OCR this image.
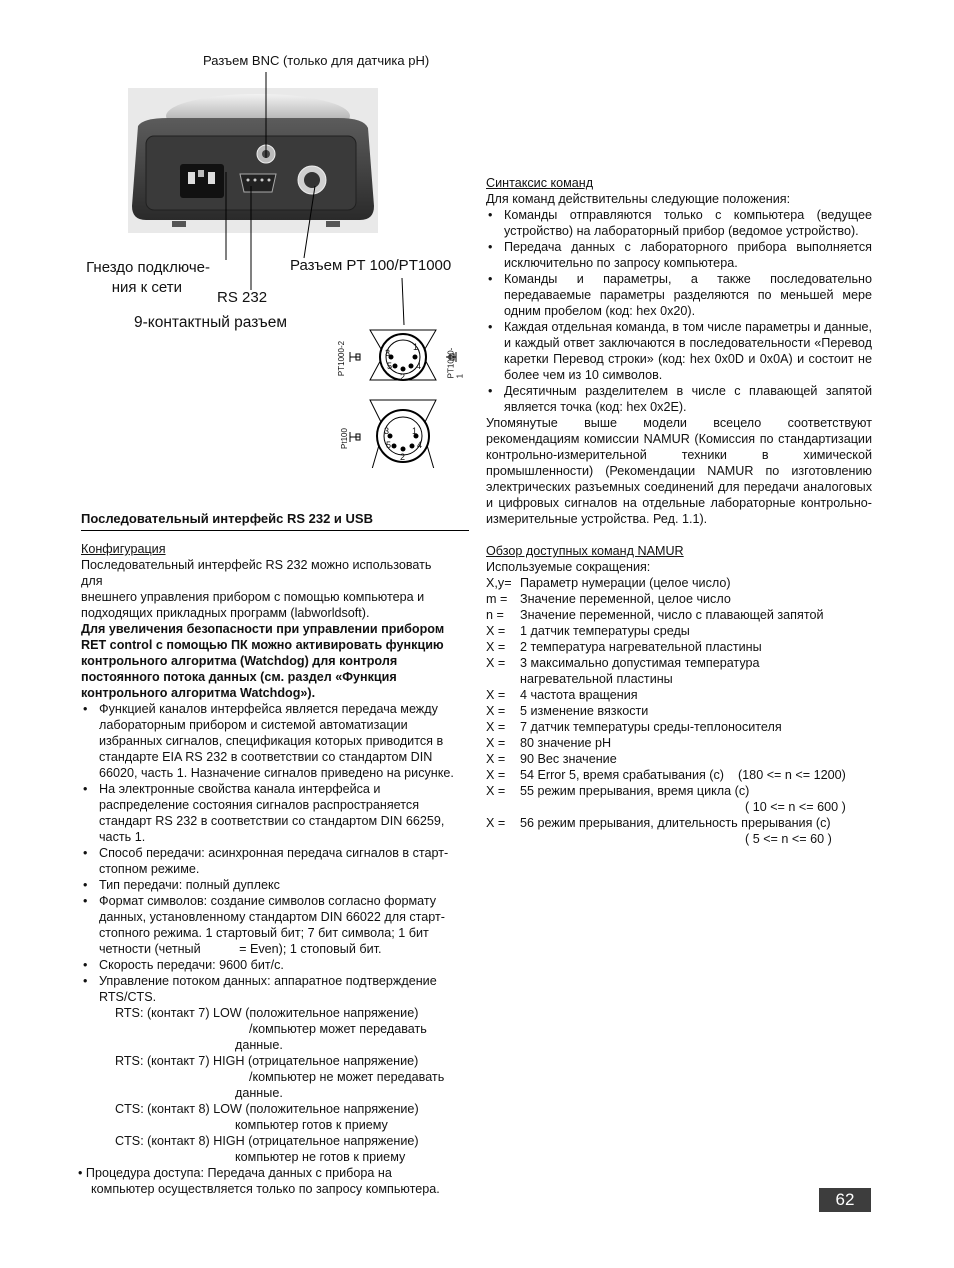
Разъем BNC (только для датчика pH)
Гнездо подключе-
ния к сети
Разъем PT 100/PT1000
RS 232
9-контактный разъем
3
1
5	4
2
PT1000-2	PT1000-1
3	1
5	4
2
Pt100
Последовательный интерфейс RS 232 и USB
Конфигурация
Последовательный интерфейс RS 232 можно использовать
для
внешнего управления прибором с помощью компьютера и подходящих прикладных программ (labworldsoft).
Для увеличения безопасности при управлении прибором RET control с помощью ПК можно активировать функцию контрольного алгоритма (Watchdog) для контроля постоянного потока данных (см. раздел «Функция контрольного алгоритма Watchdog»).
• Функцией каналов интерфейса является передача между лабораторным прибором и системой автоматизации избранных сигналов, спецификация которых приводится в стандарте EIA RS 232 в соответствии со стандартом DIN 66020, часть 1. Назначение сигналов приведено на рисунке.
• На электронные свойства канала интерфейса и распределение состояния сигналов распространяется стандарт RS 232 в соответствии со стандартом DIN 66259, часть 1.
• Способ передачи: асинхронная передача сигналов в старт-стопном режиме.
• Тип передачи: полный дуплекс
• Формат символов: создание символов согласно формату данных, установленному стандартом DIN 66022 для старт-стопного режима. 1 стартовый бит; 7 бит символа; 1 бит четности (четный           = Even); 1 стоповый бит.
• Скорость передачи: 9600 бит/с.
• Управление потоком данных: аппаратное подтверждение RTS/CTS.
RTS: (контакт 7) LOW (положительное напряжение)
/компьютер может передавать
данные.
RTS: (контакт 7) HIGH (отрицательное напряжение)
/компьютер не может передавать
данные.
CTS: (контакт 8) LOW (положительное напряжение)
компьютер готов к приему
CTS: (контакт 8) HIGH (отрицательное напряжение)
компьютер не готов к приему
• Процедура доступа: Передача данных с прибора на
компьютер осуществляется только по запросу компьютера.
Синтаксис команд
Для команд действительны следующие положения:
• Команды отправляются только с компьютера (ведущее устройство) на лабораторный прибор (ведомое устройство).
• Передача данных с лабораторного прибора выполняется исключительно по запросу компьютера.
• Команды и параметры, а также последовательно передаваемые параметры разделяются по меньшей мере одним пробелом (код: hex 0x20).
• Каждая отдельная команда, в том числе параметры и данные, и каждый ответ заключаются в последовательности «Перевод каретки Перевод строки» (код: hex 0x0D и 0x0A) и состоит не более чем из 10 символов.
• Десятичным разделителем в числе с плавающей запятой является точка (код: hex 0x2E).
Упомянутые выше модели всецело соответствуют рекомендациям комиссии NAMUR (Комиссия по стандартизации контрольно-измерительной техники в химической промышленности) (Рекомендации NAMUR по изготовлению электрических разъемных соединений для передачи аналоговых и цифровых сигналов на отдельные лабораторные контрольно-измерительные устройства. Ред. 1.1).
Обзор доступных команд NAMUR
Используемые сокращения:
X,y= Параметр нумерации (целое число)
m =	Значение переменной, целое число
n =	Значение переменной, число с плавающей запятой
X =	1 датчик температуры среды
X =	2 температура нагревательной пластины
X =	3 максимально допустимая температура нагревательной пластины
X =	4 частота вращения
X =	5 изменение вязкости
X =	7 датчик температуры среды-теплоносителя
X =	80 значение pH
X =	90 Вес значение
X =	54 Error 5, время срабатывания (с)    (180 <= n <= 1200)
X =	55 режим прерывания, время цикла (с)
( 10 <= n <= 600 )
X =	56 режим прерывания, длительность прерывания (с)
( 5 <= n <= 60 )
62
